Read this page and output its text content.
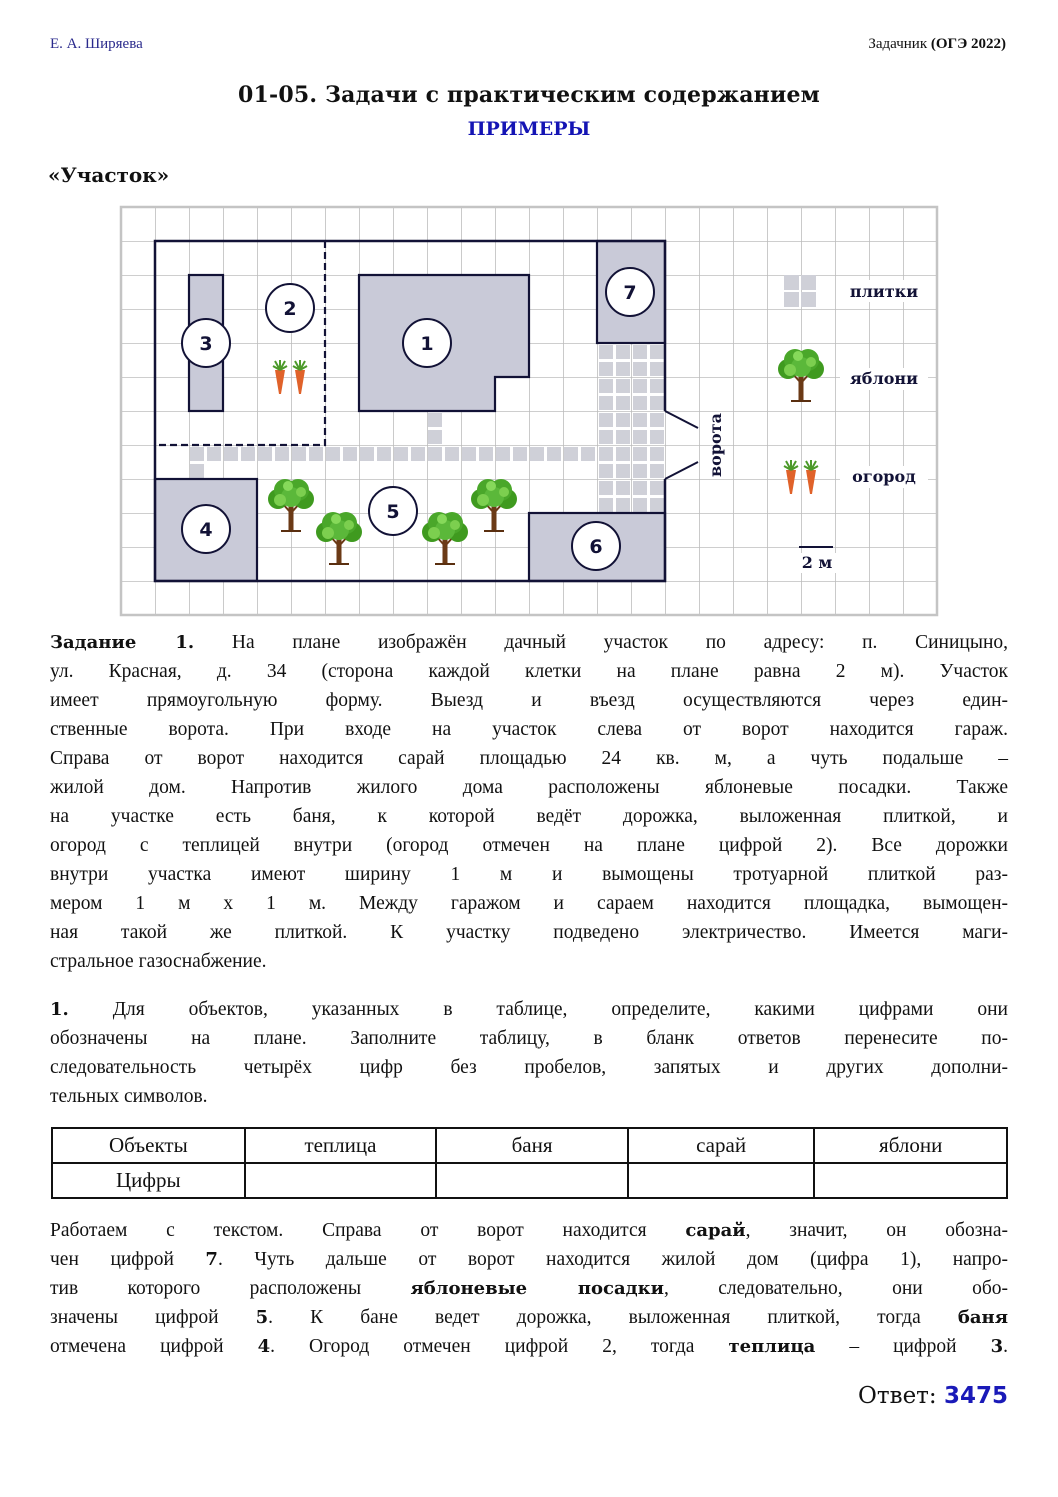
Е. А. Ширяева	Задачник (ОГЭ 2022)
01-05. Задачи с практическим содержанием
ПРИМЕРЫ
«Участок»
ворота
1
2
3
4
5
6
7	плитки
яблони
огород
2 м
Задание 1. На плане изображён дачный участок по адресу: п. Синицыно,
ул. Красная, д. 34 (сторона каждой клетки на плане равна 2 м). Участок
имеет прямоугольную форму. Выезд и въезд осуществляются через един-
ственные ворота. При входе на участок слева от ворот находится гараж.
Справа от ворот находится сарай площадью 24 кв. м, а чуть подальше –
жилой дом. Напротив жилого дома расположены яблоневые посадки. Также
на участке есть баня, к которой ведёт дорожка, выложенная плиткой, и
огород с теплицей внутри (огород отмечен на плане цифрой 2). Все дорожки
внутри участка имеют ширину 1 м и вымощены тротуарной плиткой раз-
мером 1 м х 1 м. Между гаражом и сараем находится площадка, вымощен-
ная такой же плиткой. К участку подведено электричество. Имеется маги-
стральное газоснабжение.
1. Для объектов, указанных в таблице, определите, какими цифрами они
обозначены на плане. Заполните таблицу, в бланк ответов перенесите по-
следовательность четырёх цифр без пробелов, запятых и других дополни-
тельных символов.
Объекты	теплица	баня	сарай	яблони
Цифры				
Работаем с текстом. Справа от ворот находится сарай, значит, он обозна-
чен цифрой 7. Чуть дальше от ворот находится жилой дом (цифра 1), напро-
тив которого расположены яблоневые посадки, следовательно, они обо-
значены цифрой 5. К бане ведет дорожка, выложенная плиткой, тогда баня
отмечена цифрой 4. Огород отмечен цифрой 2, тогда теплица – цифрой 3.
Ответ: 3475
